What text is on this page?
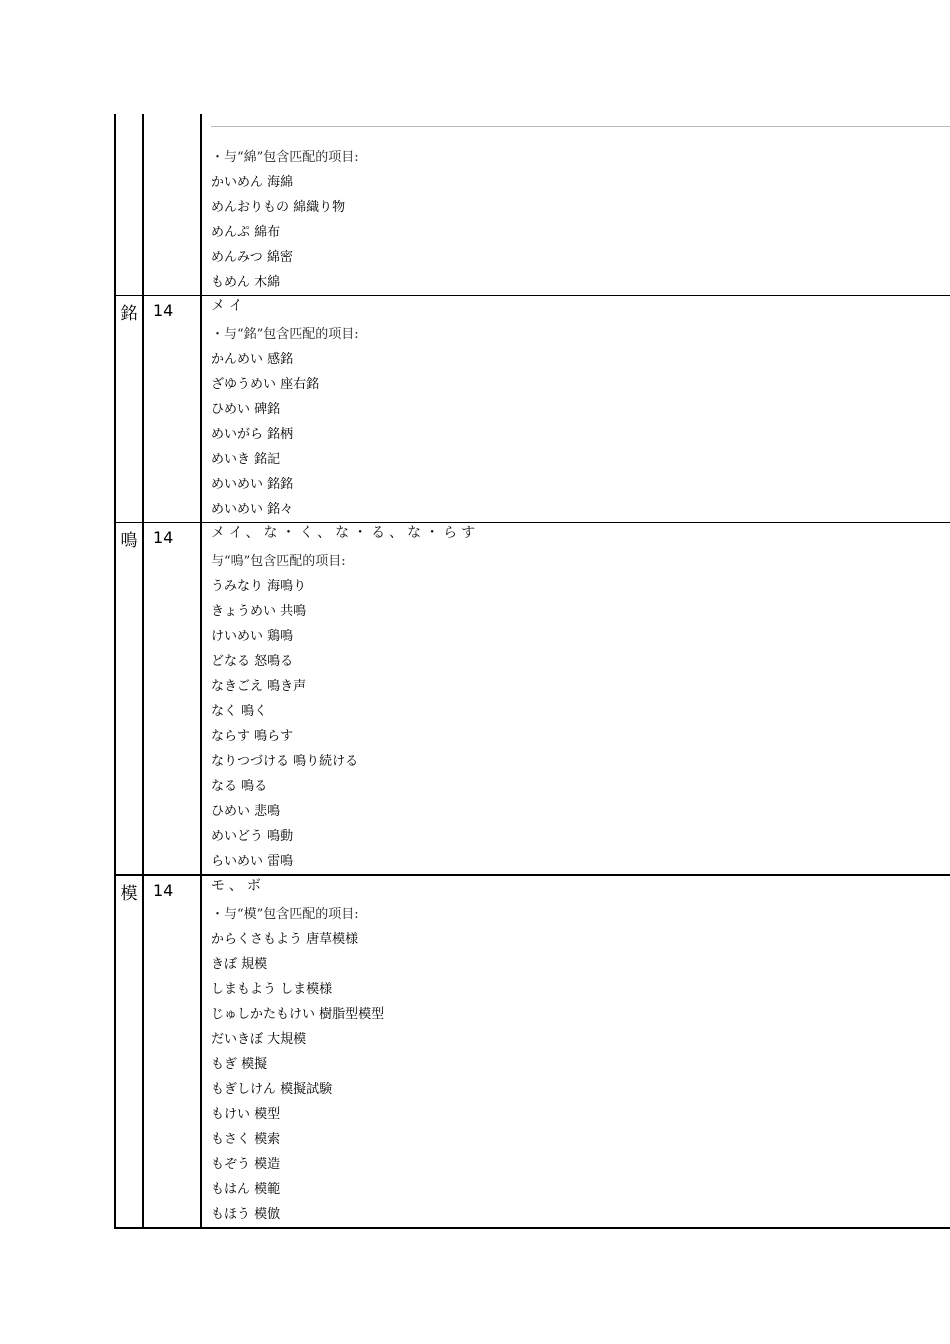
・与“綿”包含匹配的项目:
かいめん 海綿
めんおりもの 綿織り物
めんぷ 綿布
めんみつ 綿密
もめん 木綿
銘 14	メイ
・与“銘”包含匹配的项目:
かんめい 感銘
ざゆうめい 座右銘
ひめい 碑銘
めいがら 銘柄
めいき 銘記
めいめい 銘銘
めいめい 銘々
鳴 14	メイ、な・く、な・る、な・らす
与“鳴”包含匹配的项目:
うみなり 海鳴り
きょうめい 共鳴
けいめい 鶏鳴
どなる 怒鳴る
なきごえ 鳴き声
なく 鳴く
ならす 鳴らす
なりつづける 鳴り続ける
なる 鳴る
ひめい 悲鳴
めいどう 鳴動
らいめい 雷鳴
模 14	モ、ボ
・与“模”包含匹配的项目:
からくさもよう 唐草模様
きぼ 規模
しまもよう しま模様
じゅしかたもけい 樹脂型模型
だいきぼ 大規模
もぎ 模擬
もぎしけん 模擬試験
もけい 模型
もさく 模索
もぞう 模造
もはん 模範
もほう 模倣
